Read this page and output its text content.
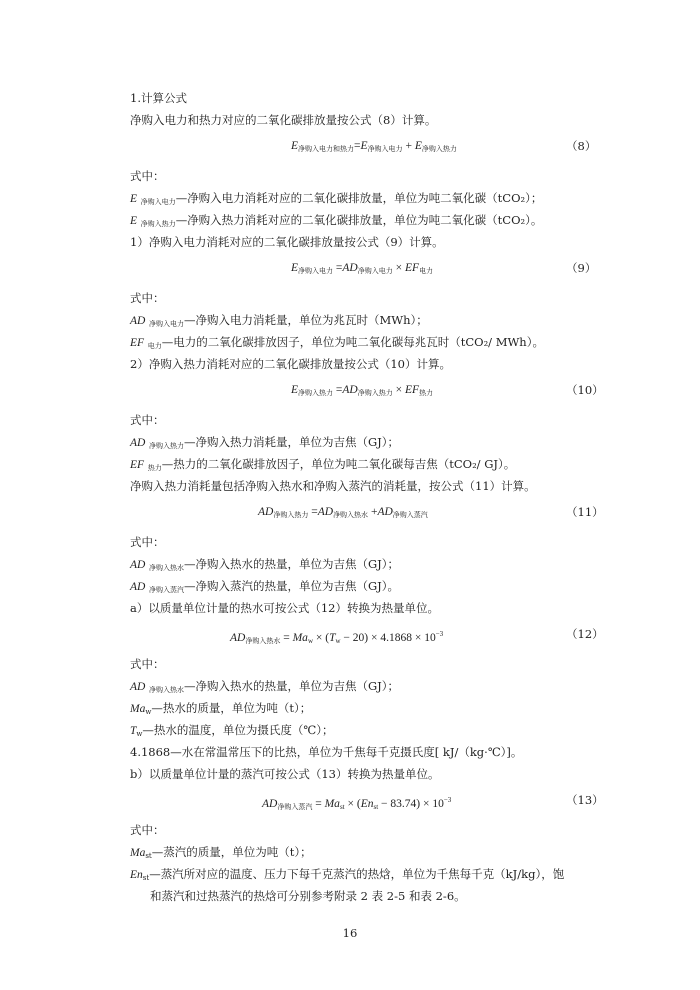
1.计算公式
净购入电力和热力对应的二氧化碳排放量按公式（8）计算。
$E_{净购入电力和热力}=E_{净购入电力} + E_{净购入热力}$	（8）
式中：
E $_{净购入电力}$—净购入电力消耗对应的二氧化碳排放量，单位为吨二氧化碳（tCO₂）；
E $_{净购入热力}$—净购入热力消耗对应的二氧化碳排放量，单位为吨二氧化碳（tCO₂）。
1）净购入电力消耗对应的二氧化碳排放量按公式（9）计算。
$E_{净购入电力} =AD_{净购入电力} \times EF_{电力}$	（9）
式中：
AD $_{净购入电力}$—净购入电力消耗量，单位为兆瓦时（MWh）；
EF $_{电力}$—电力的二氧化碳排放因子，单位为吨二氧化碳每兆瓦时（tCO₂/ MWh）。
2）净购入热力消耗对应的二氧化碳排放量按公式（10）计算。
$E_{净购入热力} =AD_{净购入热力} \times EF_{热力}$	（10）
式中：
AD $_{净购入热力}$—净购入热力消耗量，单位为吉焦（GJ）；
EF $_{热力}$—热力的二氧化碳排放因子，单位为吨二氧化碳每吉焦（tCO₂/ GJ）。
净购入热力消耗量包括净购入热水和净购入蒸汽的消耗量，按公式（11）计算。
$AD_{净购入热力} =AD_{净购入热水} +AD_{净购入蒸汽}$	（11）
式中：
AD $_{净购入热水}$—净购入热水的热量，单位为吉焦（GJ）；
AD $_{净购入蒸汽}$—净购入蒸汽的热量，单位为吉焦（GJ）。
a）以质量单位计量的热水可按公式（12）转换为热量单位。
$AD_{净购入热水} = Ma_w \times (T_w - 20) \times 4.1868 \times 10^{-3}$	（12）
式中：
AD $_{净购入热水}$—净购入热水的热量，单位为吉焦（GJ）；
$Ma_w—$热水的质量，单位为吨（t）；
$T_w—$热水的温度，单位为摄氏度（℃）；
4.1868—水在常温常压下的比热，单位为千焦每千克摄氏度[ kJ/（kg·℃）]。
b）以质量单位计量的蒸汽可按公式（13）转换为热量单位。
$AD_{净购入蒸汽} = Ma_{st} \times (En_{st} - 83.74) \times 10^{-3}$	（13）
式中：
$Ma_{st}—$蒸汽的质量，单位为吨（t）；
$En_{st}—$蒸汽所对应的温度、压力下每千克蒸汽的热焓，单位为千焦每千克（kJ/kg），饱
和蒸汽和过热蒸汽的热焓可分别参考附录 2 表 2-5 和表 2-6。
16
